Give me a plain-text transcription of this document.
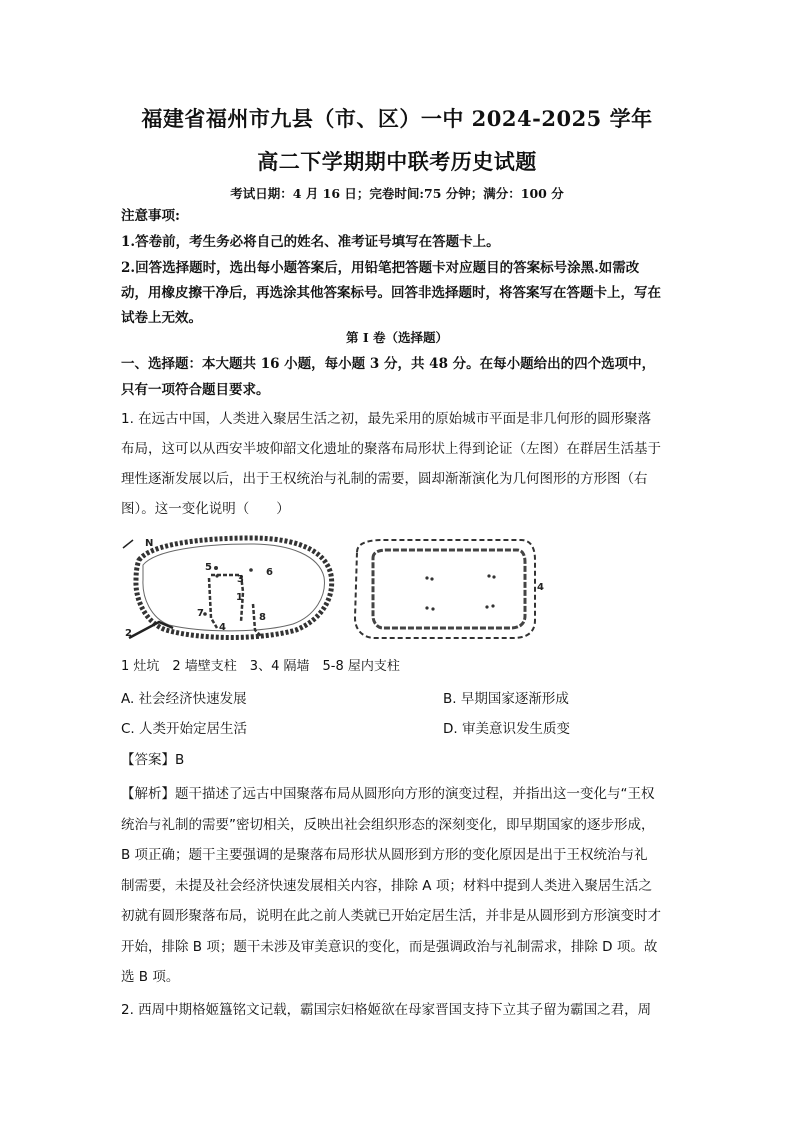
福建省福州市九县（市、区）一中 2024-2025 学年
高二下学期期中联考历史试题
考试日期：4 月 16 日；完卷时间:75 分钟；满分：100 分
注意事项:
1.答卷前，考生务必将自己的姓名、准考证号填写在答题卡上。
2.回答选择题时，选出每小题答案后，用铅笔把答题卡对应题目的答案标号涂黑.如需改动，用橡皮擦干净后，再选涂其他答案标号。回答非选择题时，将答案写在答题卡上，写在试卷上无效。
第 I 卷（选择题）
一、选择题：本大题共 16 小题，每小题 3 分，共 48 分。在每小题给出的四个选项中，只有一项符合题目要求。
1. 在远古中国，人类进入聚居生活之初，最先采用的原始城市平面是非几何形的圆形聚落布局，这可以从西安半坡仰韶文化遗址的聚落布局形状上得到论证（左图）在群居生活基于理性逐渐发展以后，出于王权统治与礼制的需要，圆却渐渐演化为几何图形的方形图（右图）。这一变化说明（　　）
N
1
2
3
4
5	6
7	8
4
1 灶坑　2 墙壁支柱　3、4 隔墙　5-8 屋内支柱
A. 社会经济快速发展	B. 早期国家逐渐形成
C. 人类开始定居生活	D. 审美意识发生质变
【答案】B
【解析】题干描述了远古中国聚落布局从圆形向方形的演变过程，并指出这一变化与“王权统治与礼制的需要”密切相关，反映出社会组织形态的深刻变化，即早期国家的逐步形成，B 项正确；题干主要强调的是聚落布局形状从圆形到方形的变化原因是出于王权统治与礼制需要，未提及社会经济快速发展相关内容，排除 A 项；材料中提到人类进入聚居生活之初就有圆形聚落布局，说明在此之前人类就已开始定居生活，并非是从圆形到方形演变时才开始，排除 B 项；题干未涉及审美意识的变化，而是强调政治与礼制需求，排除 D 项。故选 B 项。
2. 西周中期格姬簋铭文记载，霸国宗妇格姬欲在母家晋国支持下立其子留为霸国之君，周
